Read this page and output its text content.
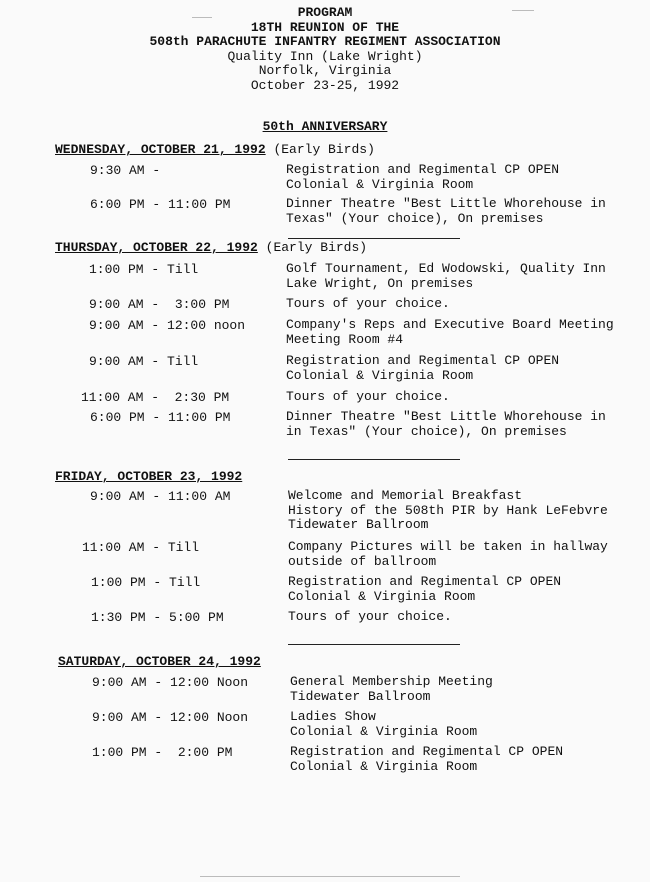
PROGRAM
18TH REUNION OF THE
508th PARACHUTE INFANTRY REGIMENT ASSOCIATION
Quality Inn (Lake Wright)
Norfolk, Virginia
October 23-25, 1992
50th ANNIVERSARY
WEDNESDAY, OCTOBER 21, 1992 (Early Birds)
9:30 AM -	Registration and Regimental CP OPEN
Colonial & Virginia Room
6:00 PM - 11:00 PM	Dinner Theatre "Best Little Whorehouse in
Texas" (Your choice), On premises
THURSDAY, OCTOBER 22, 1992 (Early Birds)
1:00 PM - Till	Golf Tournament, Ed Wodowski, Quality Inn
Lake Wright, On premises
9:00 AM -  3:00 PM	Tours of your choice.
9:00 AM - 12:00 noon	Company's Reps and Executive Board Meeting
Meeting Room #4
9:00 AM - Till	Registration and Regimental CP OPEN
Colonial & Virginia Room
11:00 AM -  2:30 PM	Tours of your choice.
6:00 PM - 11:00 PM	Dinner Theatre "Best Little Whorehouse in
in Texas" (Your choice), On premises
FRIDAY, OCTOBER 23, 1992
9:00 AM - 11:00 AM	Welcome and Memorial Breakfast
History of the 508th PIR by Hank LeFebvre
Tidewater Ballroom
11:00 AM - Till	Company Pictures will be taken in hallway
outside of ballroom
1:00 PM - Till	Registration and Regimental CP OPEN
Colonial & Virginia Room
1:30 PM - 5:00 PM	Tours of your choice.
SATURDAY, OCTOBER 24, 1992
9:00 AM - 12:00 Noon	General Membership Meeting
Tidewater Ballroom
9:00 AM - 12:00 Noon	Ladies Show
Colonial & Virginia Room
1:00 PM -  2:00 PM	Registration and Regimental CP OPEN
Colonial & Virginia Room
